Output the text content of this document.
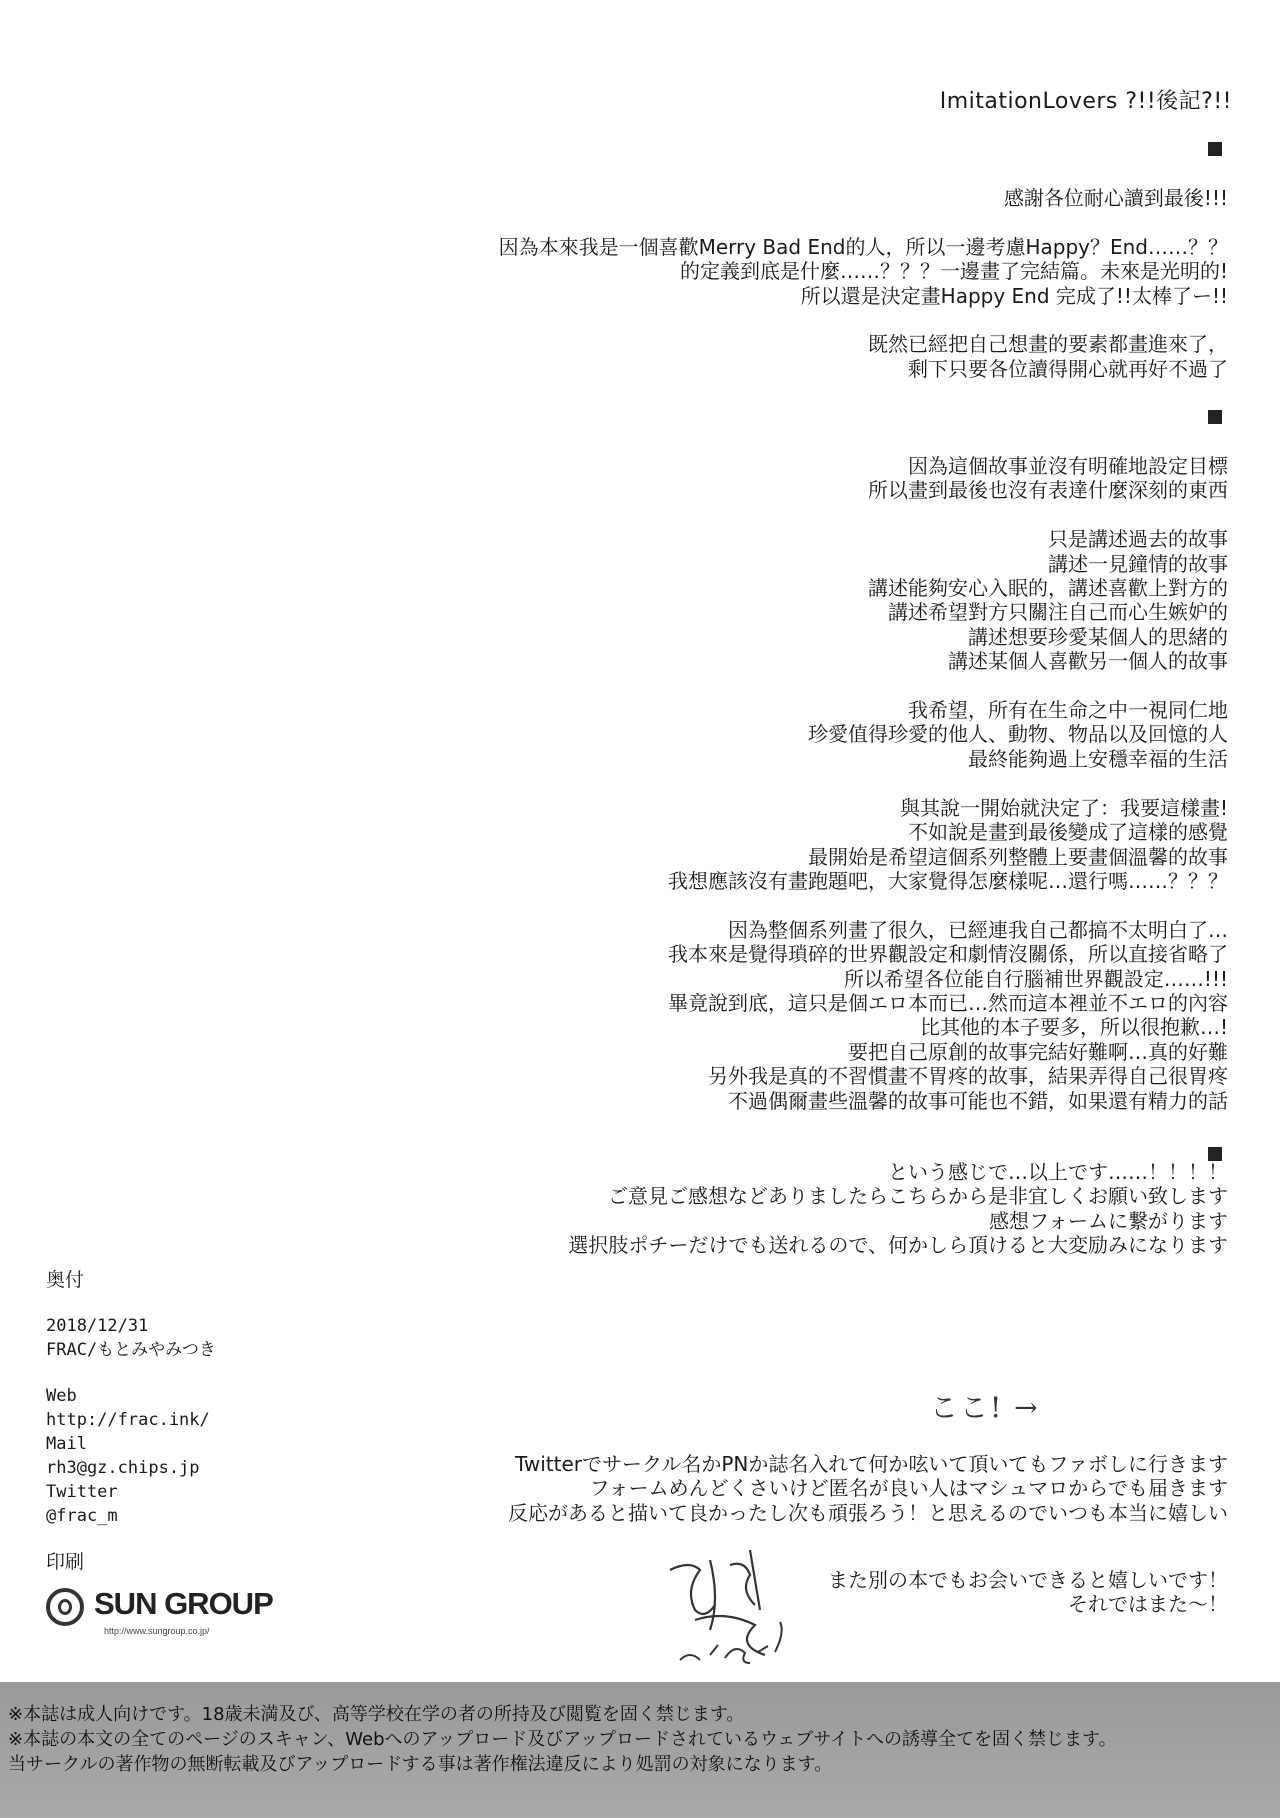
ImitationLovers ?!!後記?!!
感謝各位耐心讀到最後!!!

因為本來我是一個喜歡Merry Bad End的人，所以一邊考慮Happy？End……？？
的定義到底是什麼……？？？一邊畫了完結篇。未來是光明的!
所以還是決定畫Happy End 完成了!!太棒了ー!!

既然已經把自己想畫的要素都畫進來了，
剩下只要各位讀得開心就再好不過了
因為這個故事並沒有明確地設定目標
所以畫到最後也沒有表達什麼深刻的東西

只是講述過去的故事
講述一見鐘情的故事
講述能夠安心入眠的，講述喜歡上對方的
講述希望對方只關注自己而心生嫉妒的
講述想要珍愛某個人的思緒的
講述某個人喜歡另一個人的故事

我希望，所有在生命之中一視同仁地
珍愛值得珍愛的他人、動物、物品以及回憶的人
最終能夠過上安穩幸福的生活

與其說一開始就決定了：我要這樣畫!
不如說是畫到最後變成了這樣的感覺
最開始是希望這個系列整體上要畫個溫馨的故事
我想應該沒有畫跑題吧，大家覺得怎麼樣呢…還行嗎……？？？

因為整個系列畫了很久，已經連我自己都搞不太明白了…
我本來是覺得瑣碎的世界觀設定和劇情沒關係，所以直接省略了
所以希望各位能自行腦補世界觀設定……!!!
畢竟說到底，這只是個エロ本而已…然而這本裡並不エロ的內容
比其他的本子要多，所以很抱歉…!
要把自己原創的故事完結好難啊…真的好難
另外我是真的不習慣畫不胃疼的故事，結果弄得自己很胃疼
不過偶爾畫些溫馨的故事可能也不錯，如果還有精力的話
という感じで…以上です……！！！！
ご意見ご感想などありましたらこちらから是非宜しくお願い致します
感想フォームに繋がります
選択肢ポチーだけでも送れるので、何かしら頂けると大変励みになります
ここ! →
Twitterでサークル名かPNか誌名入れて何か呟いて頂いてもファボしに行きます
フォームめんどくさいけど匿名が良い人はマシュマロからでも届きます
反応があると描いて良かったし次も頑張ろう！と思えるのでいつも本当に嬉しい
また別の本でもお会いできると嬉しいです！
それではまた～！
奥付
2018/12/31
FRAC/もとみやみつき
Web
http://frac.ink/
Mail
rh3@gz.chips.jp
Twitter
@frac_m
印刷
SUN GROUP
http://www.sungroup.co.jp/
※本誌は成人向けです。18歳未満及び、高等学校在学の者の所持及び閲覧を固く禁じます。
※本誌の本文の全てのページのスキャン、Webへのアップロード及びアップロードされているウェブサイトへの誘導全てを固く禁じます。
当サークルの著作物の無断転載及びアップロードする事は著作権法違反により処罰の対象になります。
